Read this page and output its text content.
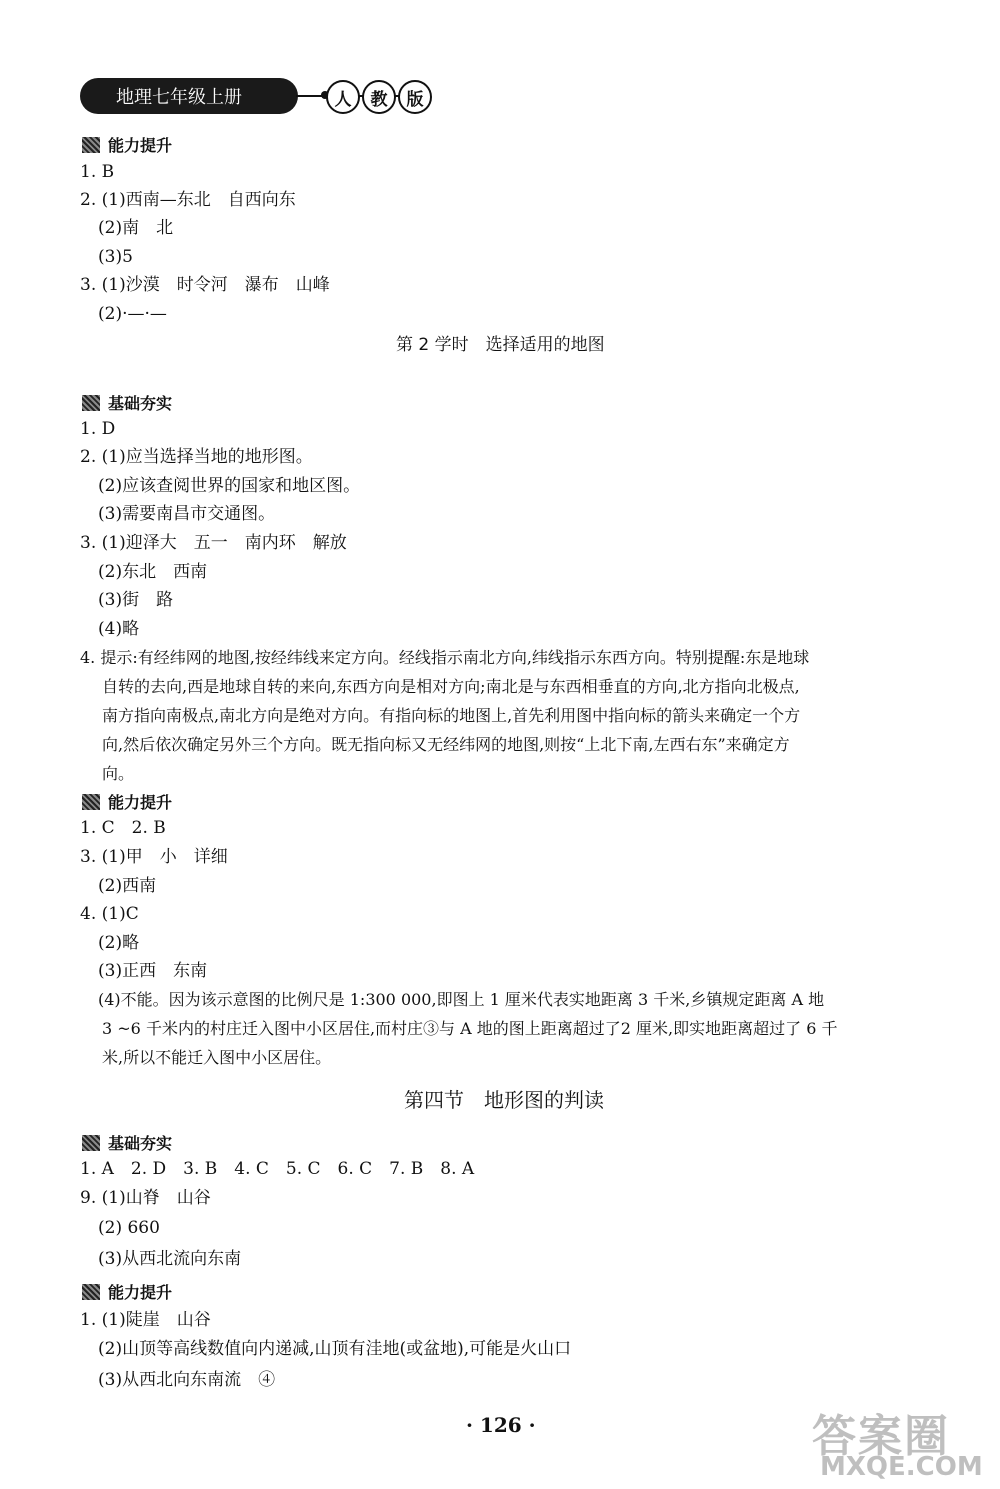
地理七年级上册	人	教	版
能力提升
1. B
2. (1)西南—东北　自西向东
(2)南　北
(3)5
3. (1)沙漠　时令河　瀑布　山峰
(2)·—·—
第 2 学时　选择适用的地图
基础夯实
1. D
2. (1)应当选择当地的地形图。
(2)应该查阅世界的国家和地区图。
(3)需要南昌市交通图。
3. (1)迎泽大　五一　南内环　解放
(2)东北　西南
(3)街　路
(4)略
4. 提示:有经纬网的地图,按经纬线来定方向。经线指示南北方向,纬线指示东西方向。特别提醒:东是地球
自转的去向,西是地球自转的来向,东西方向是相对方向;南北是与东西相垂直的方向,北方指向北极点,
南方指向南极点,南北方向是绝对方向。有指向标的地图上,首先利用图中指向标的箭头来确定一个方
向,然后依次确定另外三个方向。既无指向标又无经纬网的地图,则按“上北下南,左西右东”来确定方
向。
能力提升
1. C　2. B
3. (1)甲　小　详细
(2)西南
4. (1)C
(2)略
(3)正西　东南
(4)不能。因为该示意图的比例尺是 1:300 000,即图上 1 厘米代表实地距离 3 千米,乡镇规定距离 A 地
3 ~6 千米内的村庄迁入图中小区居住,而村庄③与 A 地的图上距离超过了2 厘米,即实地距离超过了 6 千
米,所以不能迁入图中小区居住。
第四节　地形图的判读
基础夯实
1. A　2. D　3. B　4. C　5. C　6. C　7. B　8. A
9. (1)山脊　山谷
(2) 660
(3)从西北流向东南
能力提升
1. (1)陡崖　山谷
(2)山顶等高线数值向内递减,山顶有洼地(或盆地),可能是火山口
(3)从西北向东南流　④
· 126 ·	答案圈
MXQE.COM
